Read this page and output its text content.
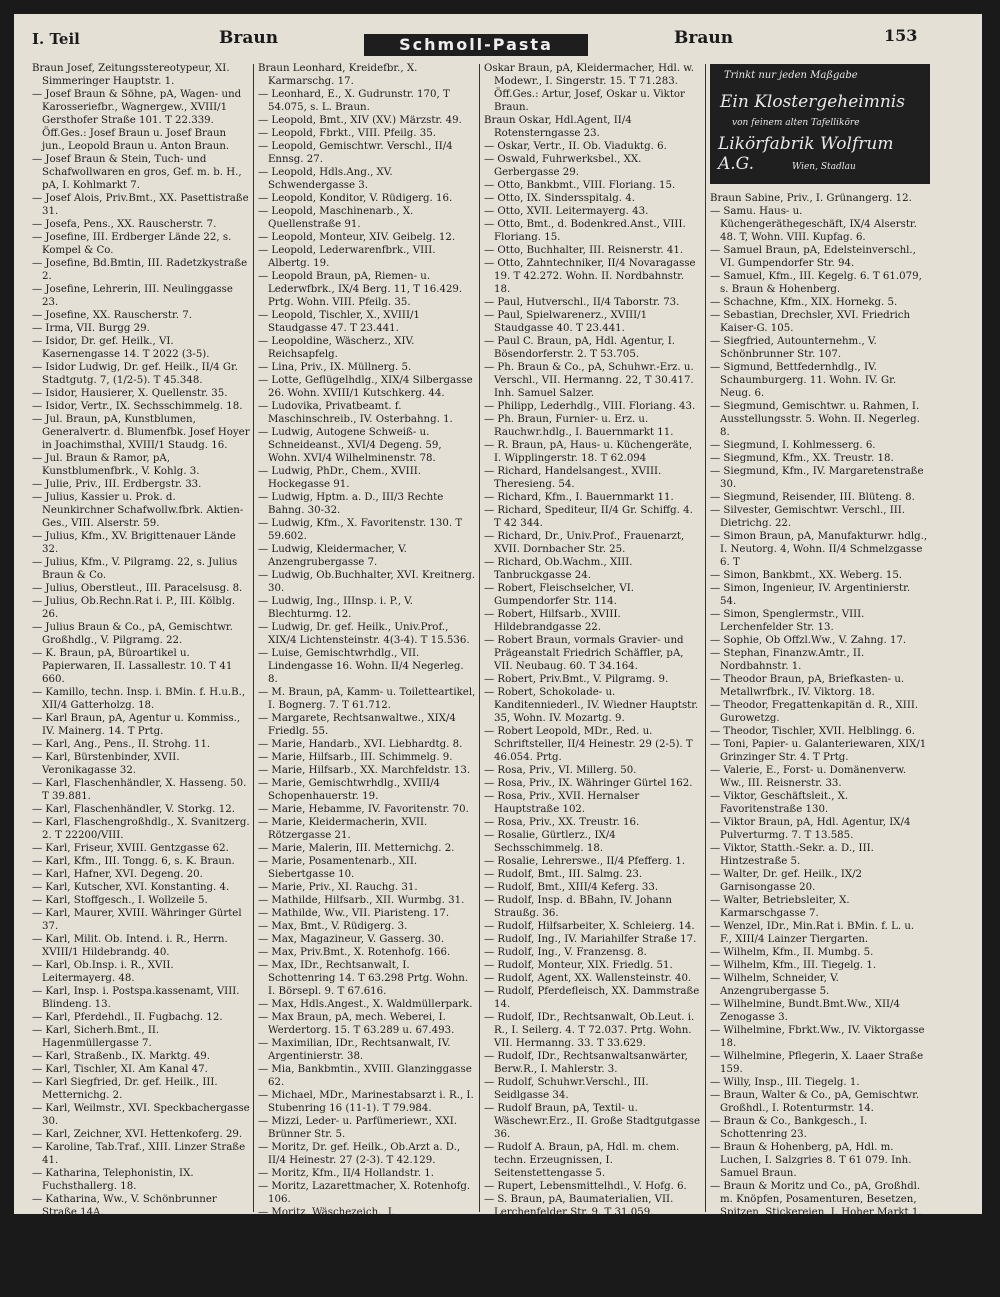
I. Teil	Braun	Schmoll-Pasta	Braun	153

Braun Josef, Zeitungsstereotypeur, XI. Simmeringer Hauptstr. 1.

— Josef Braun & Söhne, pA, Wagen- und Karosseriefbr., Wagnergew., XVIII/1 Gersthofer Straße 101. T 22.339. Öff.Ges.: Josef Braun u. Josef Braun jun., Leopold Braun u. Anton Braun.

— Josef Braun & Stein, Tuch- und Schafwollwaren en gros, Gef. m. b. H., pA, I. Kohlmarkt 7.

— Josef Alois, Priv.Bmt., XX. Pasettistraße 31.

— Josefa, Pens., XX. Rauscherstr. 7.

— Josefine, III. Erdberger Lände 22, s. Kompel & Co.

— Josefine, Bd.Bmtin, III. Radetzkystraße 2.

— Josefine, Lehrerin, III. Neulinggasse 23.

— Josefine, XX. Rauscherstr. 7.

— Irma, VII. Burgg 29.

— Isidor, Dr. gef. Heilk., VI. Kasernengasse 14. T 2022 (3-5).

— Isidor Ludwig, Dr. gef. Heilk., II/4 Gr. Stadtgutg. 7, (1/2-5). T 45.348.

— Isidor, Hausierer, X. Quellenstr. 35.

— Isidor, Vertr., IX. Sechsschimmelg. 18.

— Jul. Braun, pA, Kunstblumen, Generalvertr. d. Blumenfbk. Josef Hoyer in Joachimsthal, XVIII/1 Staudg. 16.

— Jul. Braun & Ramor, pA, Kunstblumenfbrk., V. Kohlg. 3.

— Julie, Priv., III. Erdbergstr. 33.

— Julius, Kassier u. Prok. d. Neunkirchner Schafwollw.fbrk. Aktien-Ges., VIII. Alserstr. 59.

— Julius, Kfm., XV. Brigittenauer Lände 32.

— Julius, Kfm., V. Pilgramg. 22, s. Julius Braun & Co.

— Julius, Oberstleut., III. Paracelsusg. 8.

— Julius, Ob.Rechn.Rat i. P., III. Kölblg. 26.

— Julius Braun & Co., pA, Gemischtwr. Großhdlg., V. Pilgramg. 22.

— K. Braun, pA, Büroartikel u. Papierwaren, II. Lassallestr. 10. T 41 660.

— Kamillo, techn. Insp. i. BMin. f. H.u.B., XII/4 Gatterholzg. 18.

— Karl Braun, pA, Agentur u. Kommiss., IV. Mainerg. 14. T Prtg.

— Karl, Ang., Pens., II. Strohg. 11.

— Karl, Bürstenbinder, XVII. Veronikagasse 32.

— Karl, Flaschenhändler, X. Hasseng. 50. T 39.881.

— Karl, Flaschenhändler, V. Storkg. 12.

— Karl, Flaschengroßhdlg., X. Svanitzerg. 2. T 22200/VIII.

— Karl, Friseur, XVIII. Gentzgasse 62.

— Karl, Kfm., III. Tongg. 6, s. K. Braun.

— Karl, Hafner, XVI. Degeng. 20.

— Karl, Kutscher, XVI. Konstanting. 4.

— Karl, Stoffgesch., I. Wollzeile 5.

— Karl, Maurer, XVIII. Währinger Gürtel 37.

— Karl, Milit. Ob. Intend. i. R., Herrn. XVIII/1 Hildebrandg. 40.

— Karl, Ob.Insp. i. R., XVII. Leitermayerg. 48.

— Karl, Insp. i. Postspa.kassenamt, VIII. Blindeng. 13.

— Karl, Pferdehdl., II. Fugbachg. 12.

— Karl, Sicherh.Bmt., II. Hagenmüllergasse 7.

— Karl, Straßenb., IX. Marktg. 49.

— Karl, Tischler, XI. Am Kanal 47.

— Karl Siegfried, Dr. gef. Heilk., III. Metternichg. 2.

— Karl, Weilmstr., XVI. Speckbachergasse 30.

— Karl, Zeichner, XVI. Hettenkoferg. 29.

— Karoline, Tab.Traf., XIII. Linzer Straße 41.

— Katharina, Telephonistin, IX. Fuchsthallerg. 18.

— Katharina, Ww., V. Schönbrunner Straße 14A.

— Koloman, Bäcker, XII. Premlechnerg. 2.

— L. Braun, pA, Wienerweiß- u. Kreide-Erz., X. Gudrunstr. 170. T 54.075

— Laurenz, Rev.Insp., III. Landstraßer Hauptstr. 17.

— Leo, Kaffeehaus, VII. Kandlg. 16.

Braun Leonhard, Kreidefbr., X. Karmarschg. 17.

— Leonhard, E., X. Gudrunstr. 170, T 54.075, s. L. Braun.

— Leopold, Bmt., XIV (XV.) Märzstr. 49.

— Leopold, Fbrkt., VIII. Pfeilg. 35.

— Leopold, Gemischtwr. Verschl., II/4 Ennsg. 27.

— Leopold, Hdls.Ang., XV. Schwendergasse 3.

— Leopold, Konditor, V. Rüdigerg. 16.

— Leopold, Maschinenarb., X. Quellenstraße 91.

— Leopold, Monteur, XIV. Geibelg. 12.

— Leopold, Lederwarenfbrk., VIII. Albertg. 19.

— Leopold Braun, pA, Riemen- u. Lederwfbrk., IX/4 Berg. 11, T 16.429. Prtg. Wohn. VIII. Pfeilg. 35.

— Leopold, Tischler, X., XVIII/1 Staudgasse 47. T 23.441.

— Leopoldine, Wäscherz., XIV. Reichsapfelg.

— Lina, Priv., IX. Müllnerg. 5.

— Lotte, Geflügelhdlg., XIX/4 Silbergasse 26. Wohn. XVIII/1 Kutschkerg. 44.

— Ludovika, Privatbeamt. f. Maschinschreib., IV. Osterbahng. 1.

— Ludwig, Autogene Schweiß- u. Schneideanst., XVI/4 Degeng. 59, Wohn. XVI/4 Wilhelminenstr. 78.

— Ludwig, PhDr., Chem., XVIII. Hockegasse 91.

— Ludwig, Hptm. a. D., III/3 Rechte Bahng. 30-32.

— Ludwig, Kfm., X. Favoritenstr. 130. T 59.602.

— Ludwig, Kleidermacher, V. Anzengrubergasse 7.

— Ludwig, Ob.Buchhalter, XVI. Kreitnerg. 30.

— Ludwig, Ing., IIInsp. i. P., V. Blechturmg. 12.

— Ludwig, Dr. gef. Heilk., Univ.Prof., XIX/4 Lichtensteinstr. 4(3-4). T 15.536.

— Luise, Gemischtwrhdlg., VII. Lindengasse 16. Wohn. II/4 Negerleg. 8.

— M. Braun, pA, Kamm- u. Toiletteartikel, I. Bognerg. 7. T 61.712.

— Margarete, Rechtsanwaltwe., XIX/4 Friedlg. 55.

— Marie, Handarb., XVI. Liebhardtg. 8.

— Marie, Hilfsarb., III. Schimmelg. 9.

— Marie, Hilfsarb., XX. Marchfeldstr. 13.

— Marie, Gemischtwrhdlg., XVIII/4 Schopenhauerstr. 19.

— Marie, Hebamme, IV. Favoritenstr. 70.

— Marie, Kleidermacherin, XVII. Rötzergasse 21.

— Marie, Malerin, III. Metternichg. 2.

— Marie, Posamentenarb., XII. Siebertgasse 10.

— Marie, Priv., XI. Rauchg. 31.

— Mathilde, Hilfsarb., XII. Wurmbg. 31.

— Mathilde, Ww., VII. Piaristeng. 17.

— Max, Bmt., V. Rüdigerg. 3.

— Max, Magazineur, V. Gasserg. 30.

— Max, Priv.Bmt., X. Rotenhofg. 166.

— Max, IDr., Rechtsanwalt, I. Schottenring 14. T 63.298 Prtg. Wohn. I. Börsepl. 9. T 67.616.

— Max, Hdls.Angest., X. Waldmüllerpark.

— Max Braun, pA, mech. Weberei, I. Werdertorg. 15. T 63.289 u. 67.493.

— Maximilian, IDr., Rechtsanwalt, IV. Argentinierstr. 38.

— Mia, Bankbmtin., XVIII. Glanzinggasse 62.

— Michael, MDr., Marinestabsarzt i. R., I. Stubenring 16 (11-1). T 79.984.

— Mizzi, Leder- u. Parfümeriewr., XXI. Brünner Str. 5.

— Moritz, Dr. gef. Heilk., Ob.Arzt a. D., II/4 Heinestr. 27 (2-3). T 42.129.

— Moritz, Kfm., II/4 Hollandstr. 1.

— Moritz, Lazarettmacher, X. Rotenhofg. 106.

— Moritz, Wäschezeich., I. Grünangergasse 5. Wohn. Nr. 3.

— Moritz, Wäsche- u. Wirkwr., I. Postg. 1.

— Oskar, Bahnbediest., XIII. Kienmayerg. 12.

Oskar Braun, pA, Kleidermacher, Hdl. w. Modewr., I. Singerstr. 15. T 71.283. Öff.Ges.: Artur, Josef, Oskar u. Viktor Braun.

Braun Oskar, Hdl.Agent, II/4 Rotensterngasse 23.

— Oskar, Vertr., II. Ob. Viaduktg. 6.

— Oswald, Fuhrwerksbel., XX. Gerbergasse 29.

— Otto, Bankbmt., VIII. Floriang. 15.

— Otto, IX. Sindersspitalg. 4.

— Otto, XVII. Leitermayerg. 43.

— Otto, Bmt., d. Bodenkred.Anst., VIII. Floriang. 15.

— Otto, Buchhalter, III. Reisnerstr. 41.

— Otto, Zahntechniker, II/4 Novaragasse 19. T 42.272. Wohn. II. Nordbahnstr. 18.

— Paul, Hutverschl., II/4 Taborstr. 73.

— Paul, Spielwarenerz., XVIII/1 Staudgasse 40. T 23.441.

— Paul C. Braun, pA, Hdl. Agentur, I. Bösendorferstr. 2. T 53.705.

— Ph. Braun & Co., pA, Schuhwr.-Erz. u. Verschl., VII. Hermanng. 22, T 30.417. Inh. Samuel Salzer.

— Philipp, Lederhdlg., VIII. Floriang. 43.

— Ph. Braun, Furnier- u. Erz. u. Rauchwr.hdlg., I. Bauernmarkt 11.

— R. Braun, pA, Haus- u. Küchengeräte, I. Wipplingerstr. 18. T 62.094

— Richard, Handelsangest., XVIII. Theresieng. 54.

— Richard, Kfm., I. Bauernmarkt 11.

— Richard, Spediteur, II/4 Gr. Schiffg. 4. T 42 344.

— Richard, Dr., Univ.Prof., Frauenarzt, XVII. Dornbacher Str. 25.

— Richard, Ob.Wachm., XIII. Tanbruckgasse 24.

— Robert, Fleischselcher, VI. Gumpendorfer Str. 114.

— Robert, Hilfsarb., XVIII. Hildebrandgasse 22.

— Robert Braun, vormals Gravier- und Prägeanstalt Friedrich Schäffler, pA, VII. Neubaug. 60. T 34.164.

— Robert, Priv.Bmt., V. Pilgramg. 9.

— Robert, Schokolade- u. Kanditenniederl., IV. Wiedner Hauptstr. 35, Wohn. IV. Mozartg. 9.

— Robert Leopold, MDr., Red. u. Schriftsteller, II/4 Heinestr. 29 (2-5). T 46.054. Prtg.

— Rosa, Priv., VI. Millerg. 50.

— Rosa, Priv., IX. Währinger Gürtel 162.

— Rosa, Priv., XVII. Hernalser Hauptstraße 102.

— Rosa, Priv., XX. Treustr. 16.

— Rosalie, Gürtlerz., IX/4 Sechsschimmelg. 18.

— Rosalie, Lehrerswe., II/4 Pfefferg. 1.

— Rudolf, Bmt., III. Salmg. 23.

— Rudolf, Bmt., XIII/4 Keferg. 33.

— Rudolf, Insp. d. BBahn, IV. Johann Straußg. 36.

— Rudolf, Hilfsarbeiter, X. Schleierg. 14.

— Rudolf, Ing., IV. Mariahilfer Straße 17.

— Rudolf, Ing., V. Franzensg. 8.

— Rudolf, Monteur, XIX. Friedlg. 51.

— Rudolf, Agent, XX. Wallensteinstr. 40.

— Rudolf, Pferdefleisch, XX. Dammstraße 14.

— Rudolf, IDr., Rechtsanwalt, Ob.Leut. i. R., I. Seilerg. 4. T 72.037. Prtg. Wohn. VII. Hermanng. 33. T 33.629.

— Rudolf, IDr., Rechtsanwaltsanwärter, Berw.R., I. Mahlerstr. 3.

— Rudolf, Schuhwr.Verschl., III. Seidlgasse 34.

— Rudolf Braun, pA, Textil- u. Wäschewr.Erz., II. Große Stadtgutgasse 36.

— Rudolf A. Braun, pA, Hdl. m. chem. techn. Erzeugnissen, I. Seitenstettengasse 5.

— Rupert, Lebensmittelhdl., V. Hofg. 6.

— S. Braun, pA, Baumaterialien, VII. Lerchenfelder Str. 9. T 31.059.

Trinkt nur jeden Maßgabe
Ein Klostergeheimnis
von feinem alten Tafelliköre
Likörfabrik Wolfrum A.G.	Wien, Stadlau

Braun Sabine, Priv., I. Grünangerg. 12.

— Samu. Haus- u. Küchengeräthegeschäft, IX/4 Alserstr. 48. T, Wohn. VIII. Kupfag. 6.

— Samuel Braun, pA, Edelsteinverschl., VI. Gumpendorfer Str. 94.

— Samuel, Kfm., III. Kegelg. 6. T 61.079, s. Braun & Hohenberg.

— Schachne, Kfm., XIX. Hornekg. 5.

— Sebastian, Drechsler, XVI. Friedrich Kaiser-G. 105.

— Siegfried, Autounternehm., V. Schönbrunner Str. 107.

— Sigmund, Bettfedernhdlg., IV. Schaumburgerg. 11. Wohn. IV. Gr. Neug. 6.

— Siegmund, Gemischtwr. u. Rahmen, I. Ausstellungsstr. 5. Wohn. II. Negerleg. 8.

— Siegmund, I. Kohlmesserg. 6.

— Siegmund, Kfm., XX. Treustr. 18.

— Siegmund, Kfm., IV. Margaretenstraße 30.

— Siegmund, Reisender, III. Blüteng. 8.

— Silvester, Gemischtwr. Verschl., III. Dietrichg. 22.

— Simon Braun, pA, Manufakturwr. hdlg., I. Neutorg. 4, Wohn. II/4 Schmelzgasse 6. T

— Simon, Bankbmt., XX. Weberg. 15.

— Simon, Ingenieur, IV. Argentinierstr. 54.

— Simon, Spenglermstr., VIII. Lerchenfelder Str. 13.

— Sophie, Ob Offzl.Ww., V. Zahng. 17.

— Stephan, Finanzw.Amtr., II. Nordbahnstr. 1.

— Theodor Braun, pA, Briefkasten- u. Metallwrfbrk., IV. Viktorg. 18.

— Theodor, Fregattenkapitän d. R., XIII. Gurowetzg.

— Theodor, Tischler, XVII. Helblingg. 6.

— Toni, Papier- u. Galanteriewaren, XIX/1 Grinzinger Str. 4. T Prtg.

— Valerie, E., Forst- u. Domänenverw. Ww., III. Reisnerstr. 33.

— Viktor, Geschäftsleit., X. Favoritenstraße 130.

— Viktor Braun, pA, Hdl. Agentur, IX/4 Pulverturmg. 7. T 13.585.

— Viktor, Statth.-Sekr. a. D., III. Hintzestraße 5.

— Walter, Dr. gef. Heilk., IX/2 Garnisongasse 20.

— Walter, Betriebsleiter, X. Karmarschgasse 7.

— Wenzel, IDr., Min.Rat i. BMin. f. L. u. F., XIII/4 Lainzer Tiergarten.

— Wilhelm, Kfm., II. Mumbg. 5.

— Wilhelm, Kfm., III. Tiegelg. 1.

— Wilhelm, Schneider, V. Anzengrubergasse 5.

— Wilhelmine, Bundt.Bmt.Ww., XII/4 Zenogasse 3.

— Wilhelmine, Fbrkt.Ww., IV. Viktorgasse 18.

— Wilhelmine, Pflegerin, X. Laaer Straße 159.

— Willy, Insp., III. Tiegelg. 1.

— Braun, Walter & Co., pA, Gemischtwr. Großhdl., I. Rotenturmstr. 14.

— Braun & Co., Bankgesch., I. Schottenring 23.

— Braun & Hohenberg, pA, Hdl. m. Luchen, I. Salzgries 8. T 61 079. Inh. Samuel Braun.

— Braun & Moritz und Co., pA, Großhdl. m. Knöpfen, Posamenturen, Besetzen, Spitzen, Stickereien, I. Hoher Markt 1. T 68.259.

— Braun & Steiner, pA, Gold- u. Juwelenwr.Erz., VI. Schmalzhofgasse 1B. T 371.
